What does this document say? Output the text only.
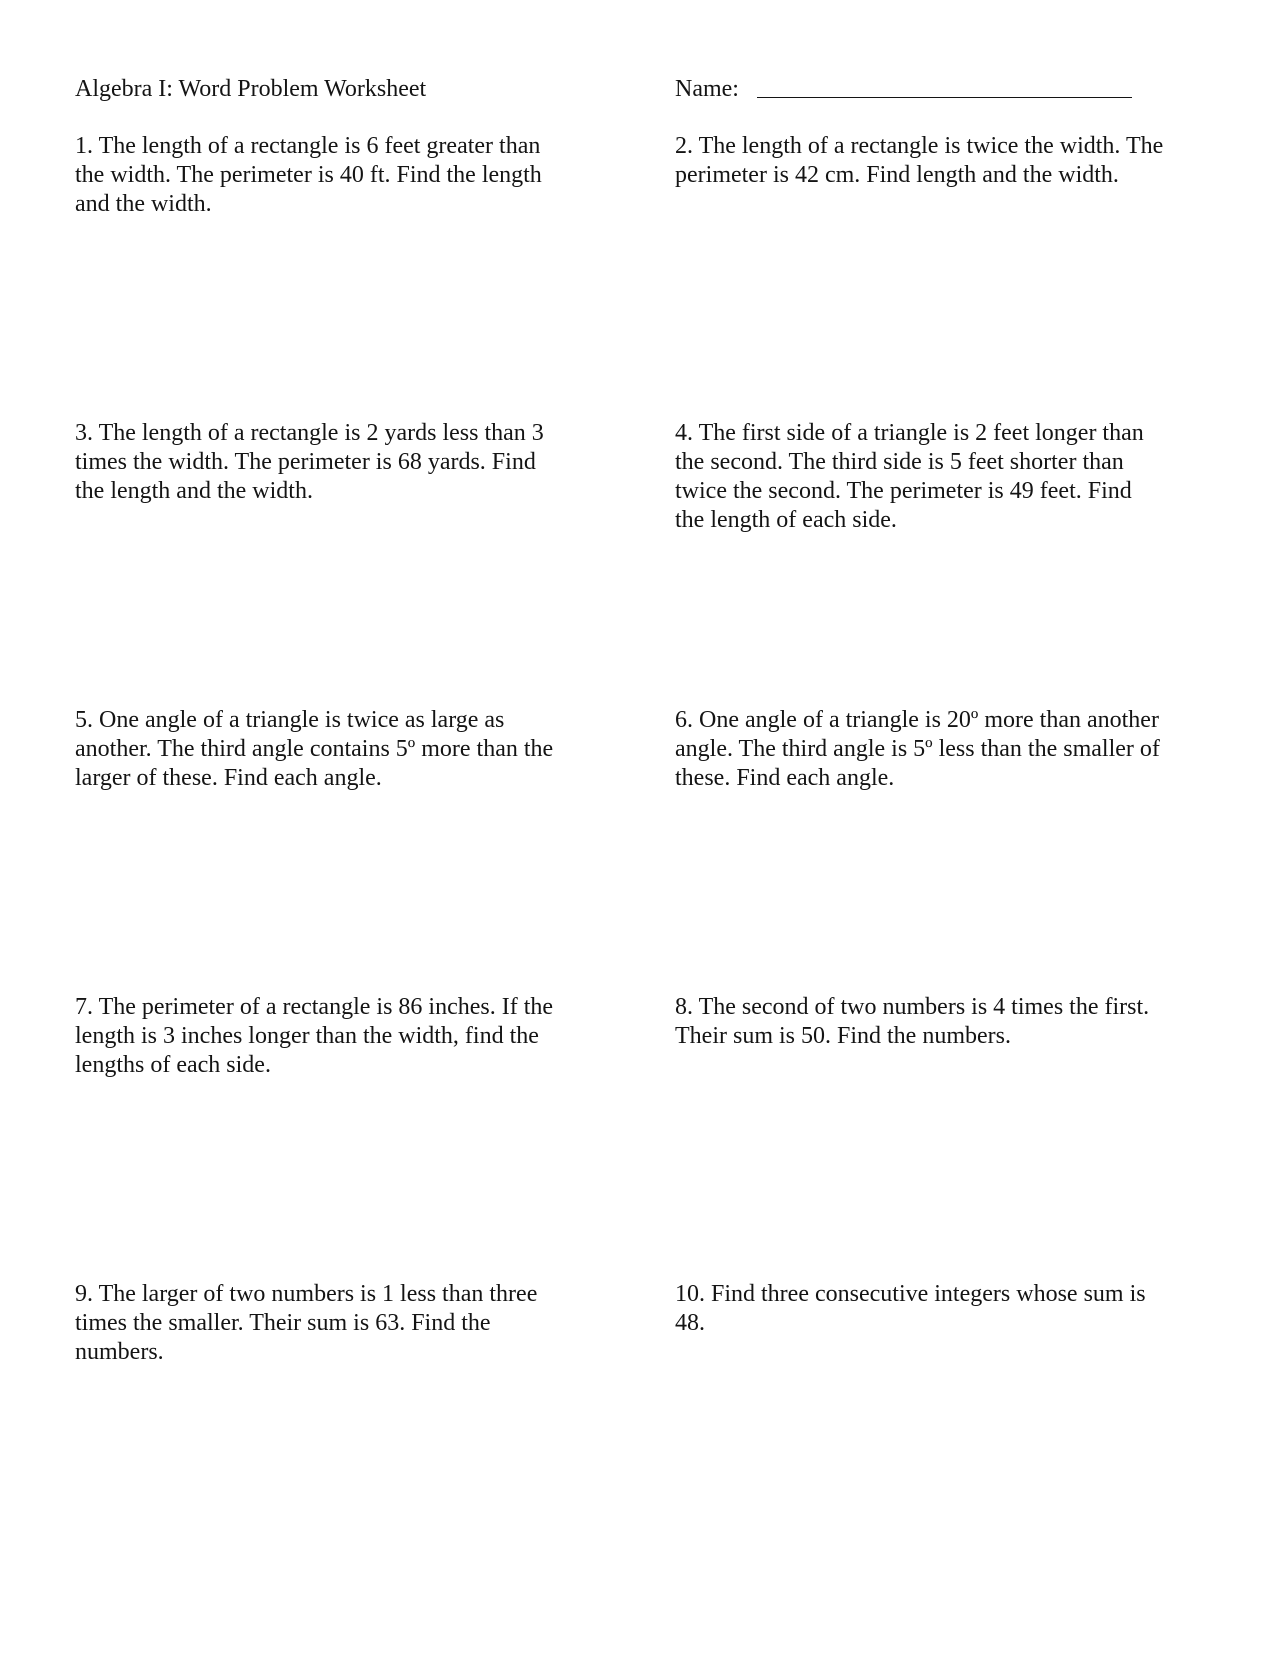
Algebra I: Word Problem Worksheet	Name:
1. The length of a rectangle is 6 feet greater than
the width. The perimeter is 40 ft. Find the length
and the width.
2. The length of a rectangle is twice the width. The
perimeter is 42 cm. Find length and the width.
3. The length of a rectangle is 2 yards less than 3
times the width. The perimeter is 68 yards. Find
the length and the width.
4. The first side of a triangle is 2 feet longer than
the second. The third side is 5 feet shorter than
twice the second. The perimeter is 49 feet. Find
the length of each side.
5. One angle of a triangle is twice as large as
another. The third angle contains 5º more than the
larger of these. Find each angle.
6. One angle of a triangle is 20º more than another
angle. The third angle is 5º less than the smaller of
these. Find each angle.
7. The perimeter of a rectangle is 86 inches. If the
length is 3 inches longer than the width, find the
lengths of each side.
8. The second of two numbers is 4 times the first.
Their sum is 50. Find the numbers.
9. The larger of two numbers is 1 less than three
times the smaller. Their sum is 63. Find the
numbers.
10. Find three consecutive integers whose sum is
48.
